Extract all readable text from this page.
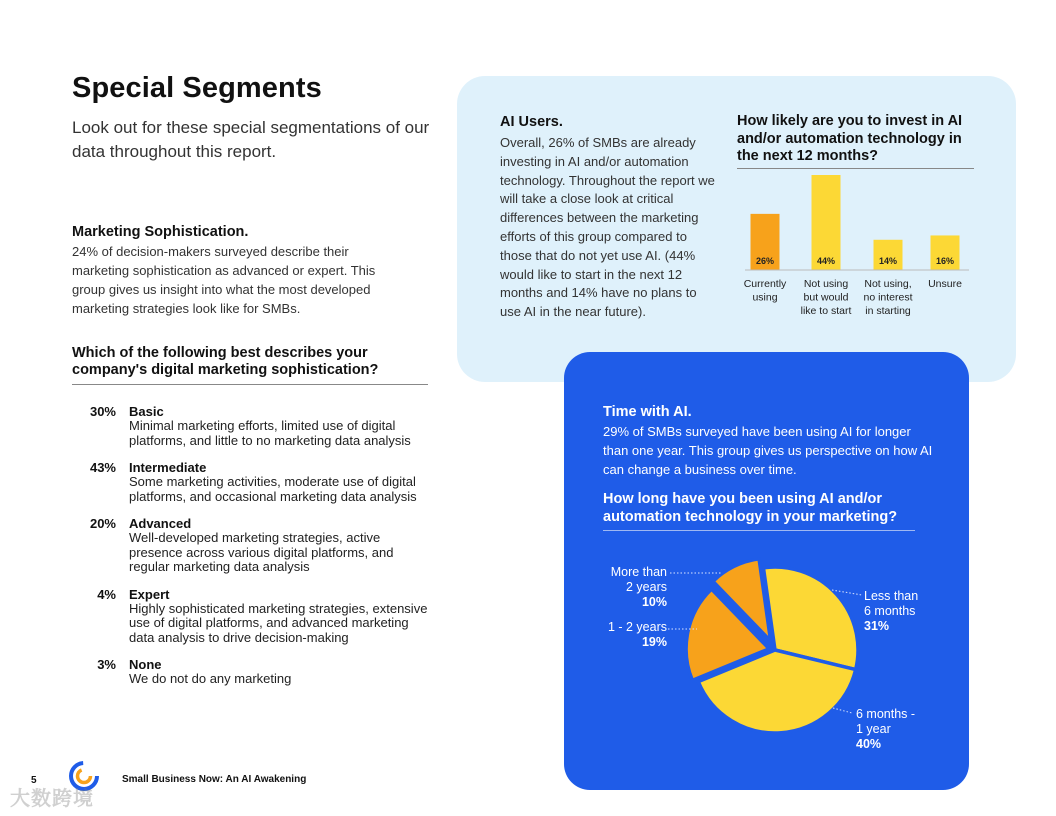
Special Segments
Look out for these special segmentations of our data throughout this report.
Marketing Sophistication.
24% of decision-makers surveyed describe their marketing sophistication as advanced or expert. This group gives us insight into what the most developed marketing strategies look like for SMBs.
Which of the following best describes your company's digital marketing sophistication?
30% Basic
Minimal marketing efforts, limited use of digital platforms, and little to no marketing data analysis
43% Intermediate
Some marketing activities, moderate use of digital platforms, and occasional marketing data analysis
20% Advanced
Well-developed marketing strategies, active presence across various digital platforms, and regular marketing data analysis
4% Expert
Highly sophisticated marketing strategies, extensive use of digital platforms, and advanced marketing data analysis to drive decision-making
3% None
We do not do any marketing
AI Users.
Overall, 26% of SMBs are already investing in AI and/or automation technology. Throughout the report we will take a close look at critical differences between the marketing efforts of this group compared to those that do not yet use AI. (44% would like to start in the next 12 months and 14% have no plans to use AI in the near future).
How likely are you to invest in AI and/or automation technology in the next 12 months?
26%
Currently using
44%
Not using but would like to start
14%
Not using, no interest in starting
16%
Unsure
Time with AI.
29% of SMBs surveyed have been using AI for longer than one year. This group gives us perspective on how AI can change a business over time.
How long have you been using AI and/or automation technology in your marketing?
Less than
6 months
31%
6 months -
1 year
40%
1 - 2 years
19%
More than
2 years
10%
5	Small Business Now: An AI Awakening
大数跨境
